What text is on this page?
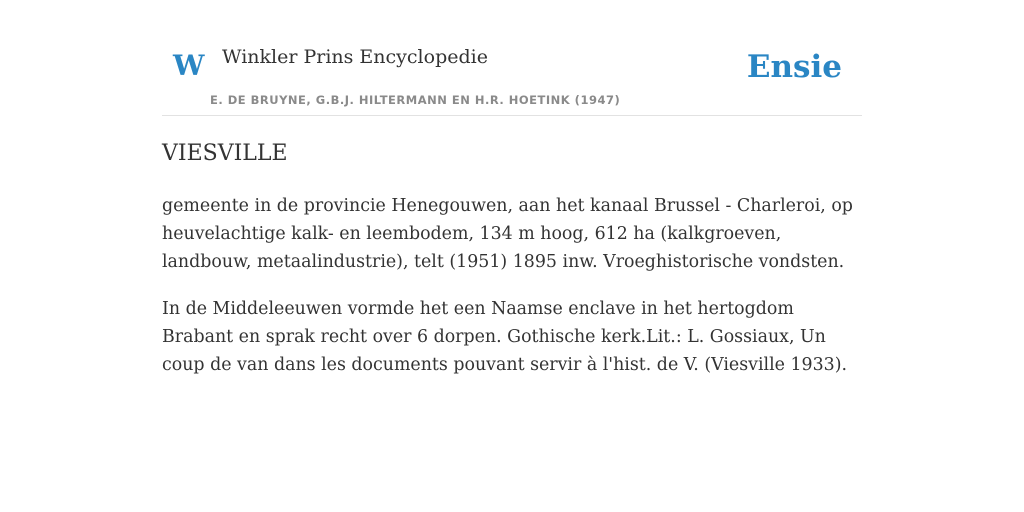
W Winkler Prins Encyclopedie
E. DE BRUYNE, G.B.J. HILTERMANN EN H.R. HOETINK (1947)
Ensie
VIESVILLE

gemeente in de provincie Henegouwen, aan het kanaal Brussel - Charleroi, op heuvelachtige kalk- en leembodem, 134 m hoog, 612 ha (kalkgroeven, landbouw, metaalindustrie), telt (1951) 1895 inw. Vroeghistorische vondsten.

In de Middeleeuwen vormde het een Naamse enclave in het hertogdom Brabant en sprak recht over 6 dorpen. Gothische kerk.Lit.: L. Gossiaux, Un coup de van dans les documents pouvant servir à l'hist. de V. (Viesville 1933).
